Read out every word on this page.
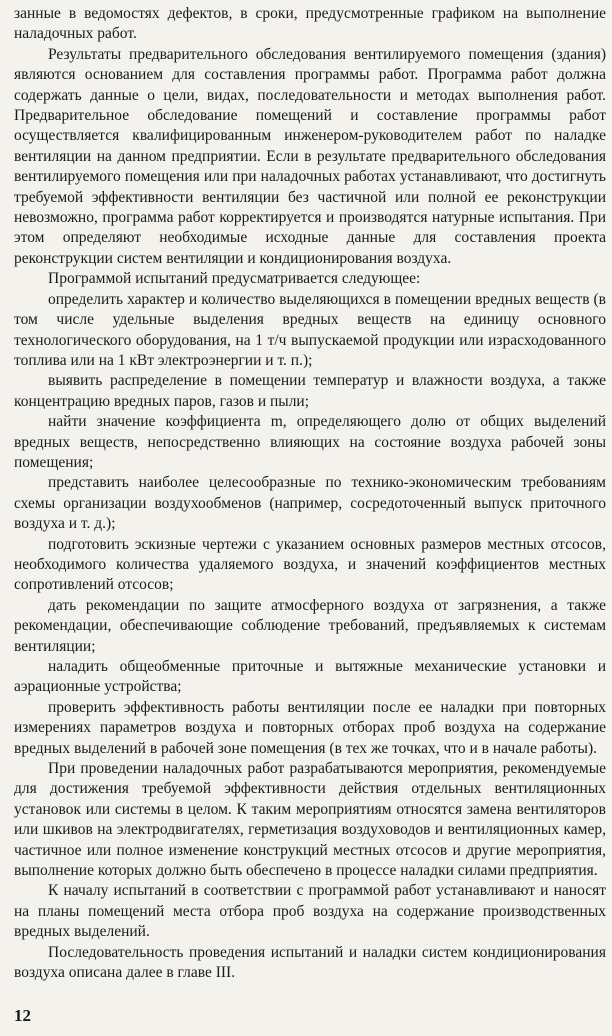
занные в ведомостях дефектов, в сроки, предусмотренные графиком на выполнение наладочных работ.

Результаты предварительного обследования вентилируемого помещения (здания) являются основанием для составления программы работ. Программа работ должна содержать данные о цели, видах, последовательности и методах выполнения работ. Предварительное обследование помещений и составление программы работ осуществляется квалифицированным инженером-руководителем работ по наладке вентиляции на данном предприятии. Если в результате предварительного обследования вентилируемого помещения или при наладочных работах устанавливают, что достигнуть требуемой эффективности вентиляции без частичной или полной ее реконструкции невозможно, программа работ корректируется и производятся натурные испытания. При этом определяют необходимые исходные данные для составления проекта реконструкции систем вентиляции и кондиционирования воздуха.

Программой испытаний предусматривается следующее:

определить характер и количество выделяющихся в помещении вредных веществ (в том числе удельные выделения вредных веществ на единицу основного технологического оборудования, на 1 т/ч выпускаемой продукции или израсходованного топлива или на 1 кВт электроэнергии и т. п.);

выявить распределение в помещении температур и влажности воздуха, а также концентрацию вредных паров, газов и пыли;

найти значение коэффициента m, определяющего долю от общих выделений вредных веществ, непосредственно влияющих на состояние воздуха рабочей зоны помещения;

представить наиболее целесообразные по технико-экономическим требованиям схемы организации воздухообменов (например, сосредоточенный выпуск приточного воздуха и т. д.);

подготовить эскизные чертежи с указанием основных размеров местных отсосов, необходимого количества удаляемого воздуха, и значений коэффициентов местных сопротивлений отсосов;

дать рекомендации по защите атмосферного воздуха от загрязнения, а также рекомендации, обеспечивающие соблюдение требований, предъявляемых к системам вентиляции;

наладить общеобменные приточные и вытяжные механические установки и аэрационные устройства;

проверить эффективность работы вентиляции после ее наладки при повторных измерениях параметров воздуха и повторных отборах проб воздуха на содержание вредных выделений в рабочей зоне помещения (в тех же точках, что и в начале работы).

При проведении наладочных работ разрабатываются мероприятия, рекомендуемые для достижения требуемой эффективности действия отдельных вентиляционных установок или системы в целом. К таким мероприятиям относятся замена вентиляторов или шкивов на электродвигателях, герметизация воздуховодов и вентиляционных камер, частичное или полное изменение конструкций местных отсосов и другие мероприятия, выполнение которых должно быть обеспечено в процессе наладки силами предприятия.

К началу испытаний в соответствии с программой работ устанавливают и наносят на планы помещений места отбора проб воздуха на содержание производственных вредных выделений.

Последовательность проведения испытаний и наладки систем кондиционирования воздуха описана далее в главе III.

12
